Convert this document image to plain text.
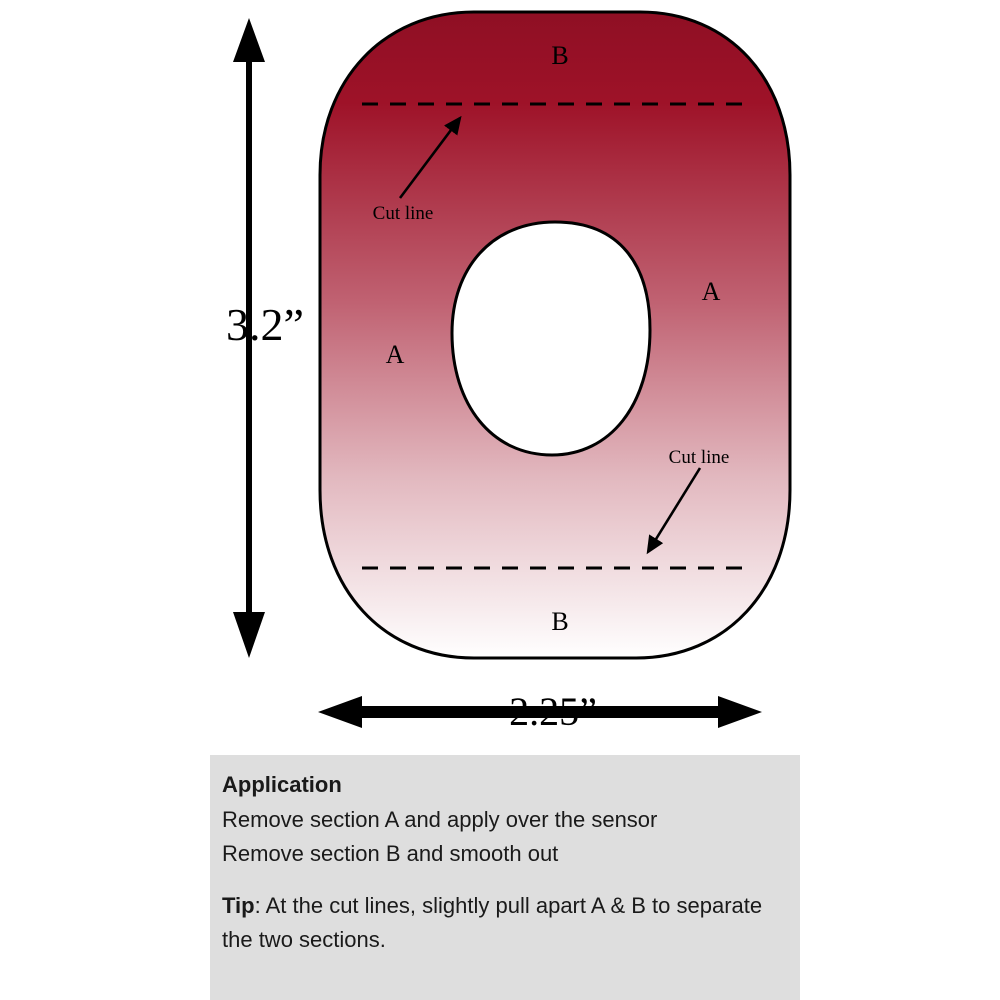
Cut line
Cut line
B
B
A
A
3.2”
2.25”

Application

Remove section A and apply over the sensor

Remove section B and smooth out

Tip: At the cut lines, slightly pull apart A & B to separate the two sections.
